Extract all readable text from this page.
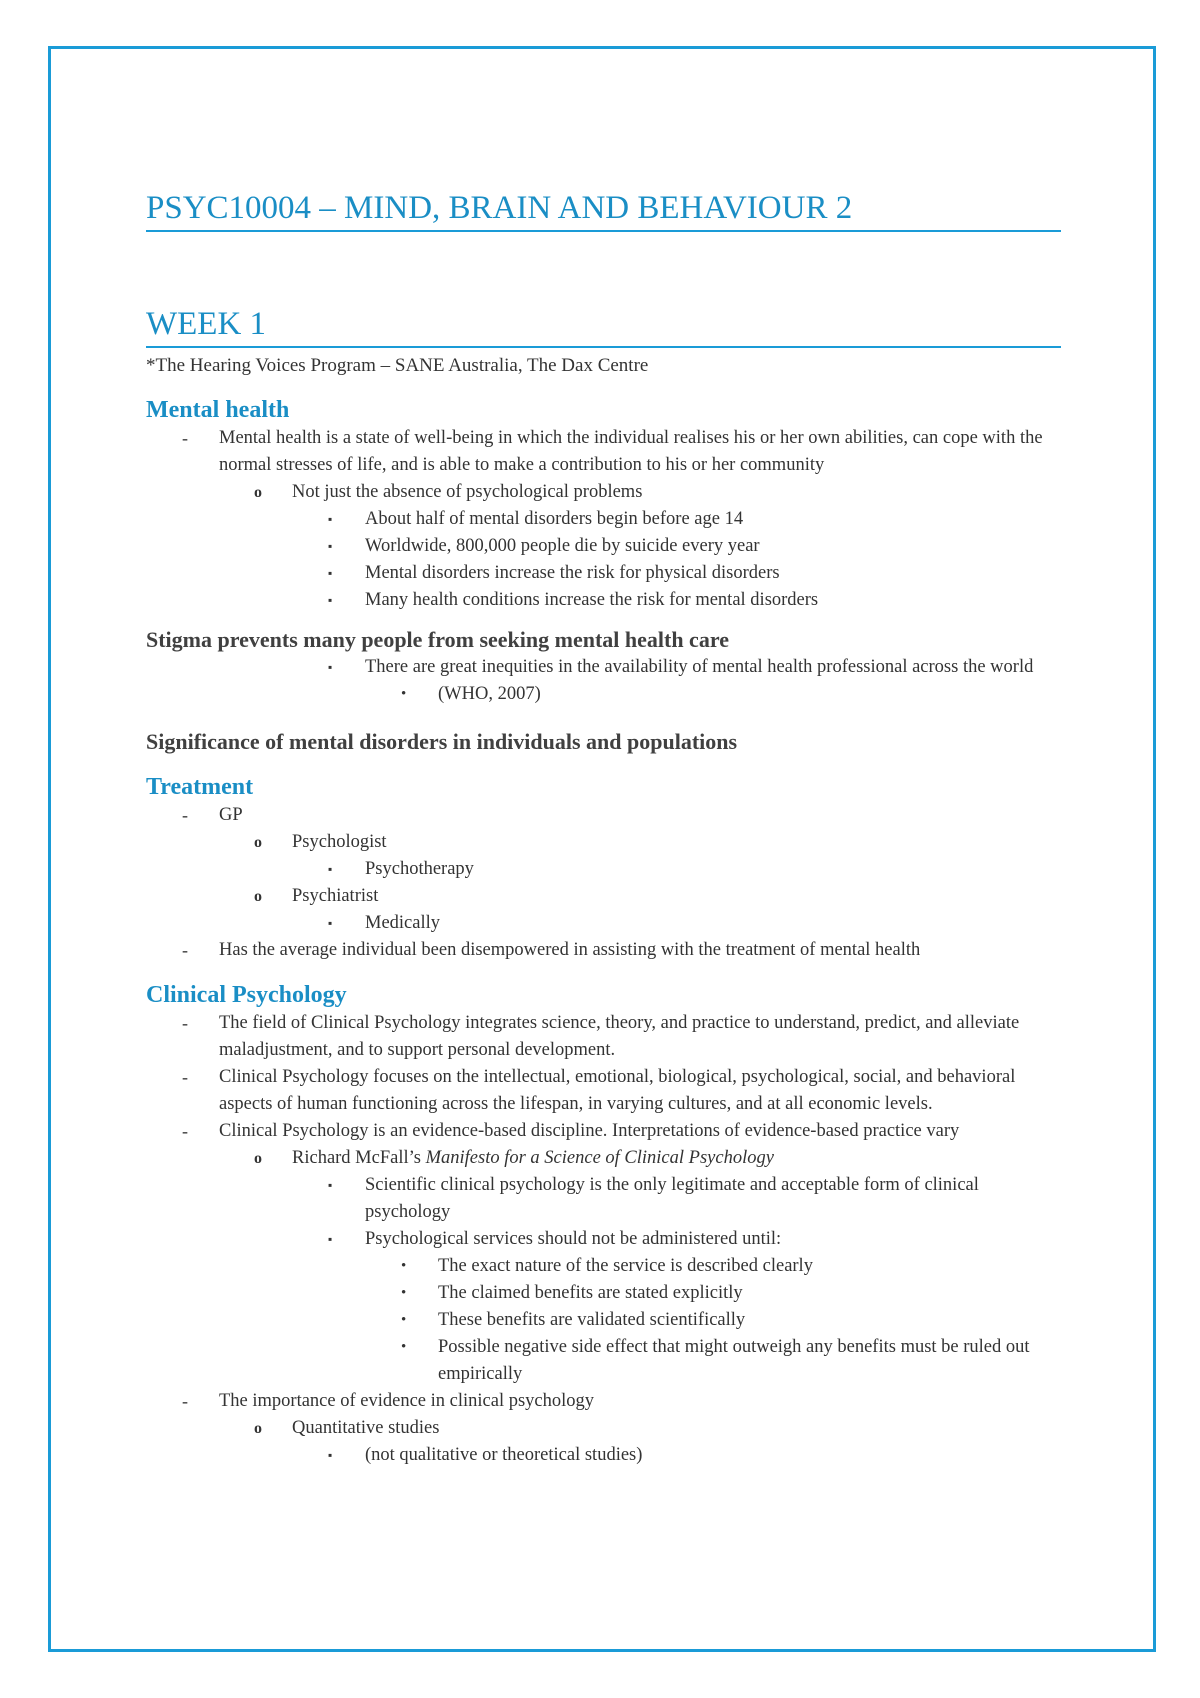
PSYC10004 – MIND, BRAIN AND BEHAVIOUR 2
WEEK 1

*The Hearing Voices Program – SANE Australia, The Dax Centre

Mental health
- Mental health is a state of well-being in which the individual realises his or her own abilities, can cope with the normal stresses of life, and is able to make a contribution to his or her community
o Not just the absence of psychological problems
▪ About half of mental disorders begin before age 14
▪ Worldwide, 800,000 people die by suicide every year
▪ Mental disorders increase the risk for physical disorders
▪ Many health conditions increase the risk for mental disorders
Stigma prevents many people from seeking mental health care
▪ There are great inequities in the availability of mental health professional across the world
• (WHO, 2007)
Significance of mental disorders in individuals and populations
Treatment
- GP
o Psychologist
▪ Psychotherapy
o Psychiatrist
▪ Medically
- Has the average individual been disempowered in assisting with the treatment of mental health
Clinical Psychology
- The field of Clinical Psychology integrates science, theory, and practice to understand, predict, and alleviate maladjustment, and to support personal development.
- Clinical Psychology focuses on the intellectual, emotional, biological, psychological, social, and behavioral aspects of human functioning across the lifespan, in varying cultures, and at all economic levels.
- Clinical Psychology is an evidence-based discipline. Interpretations of evidence-based practice vary
o Richard McFall’s Manifesto for a Science of Clinical Psychology
▪ Scientific clinical psychology is the only legitimate and acceptable form of clinical psychology
▪ Psychological services should not be administered until:
• The exact nature of the service is described clearly
• The claimed benefits are stated explicitly
• These benefits are validated scientifically
• Possible negative side effect that might outweigh any benefits must be ruled out empirically
- The importance of evidence in clinical psychology
o Quantitative studies
▪ (not qualitative or theoretical studies)
